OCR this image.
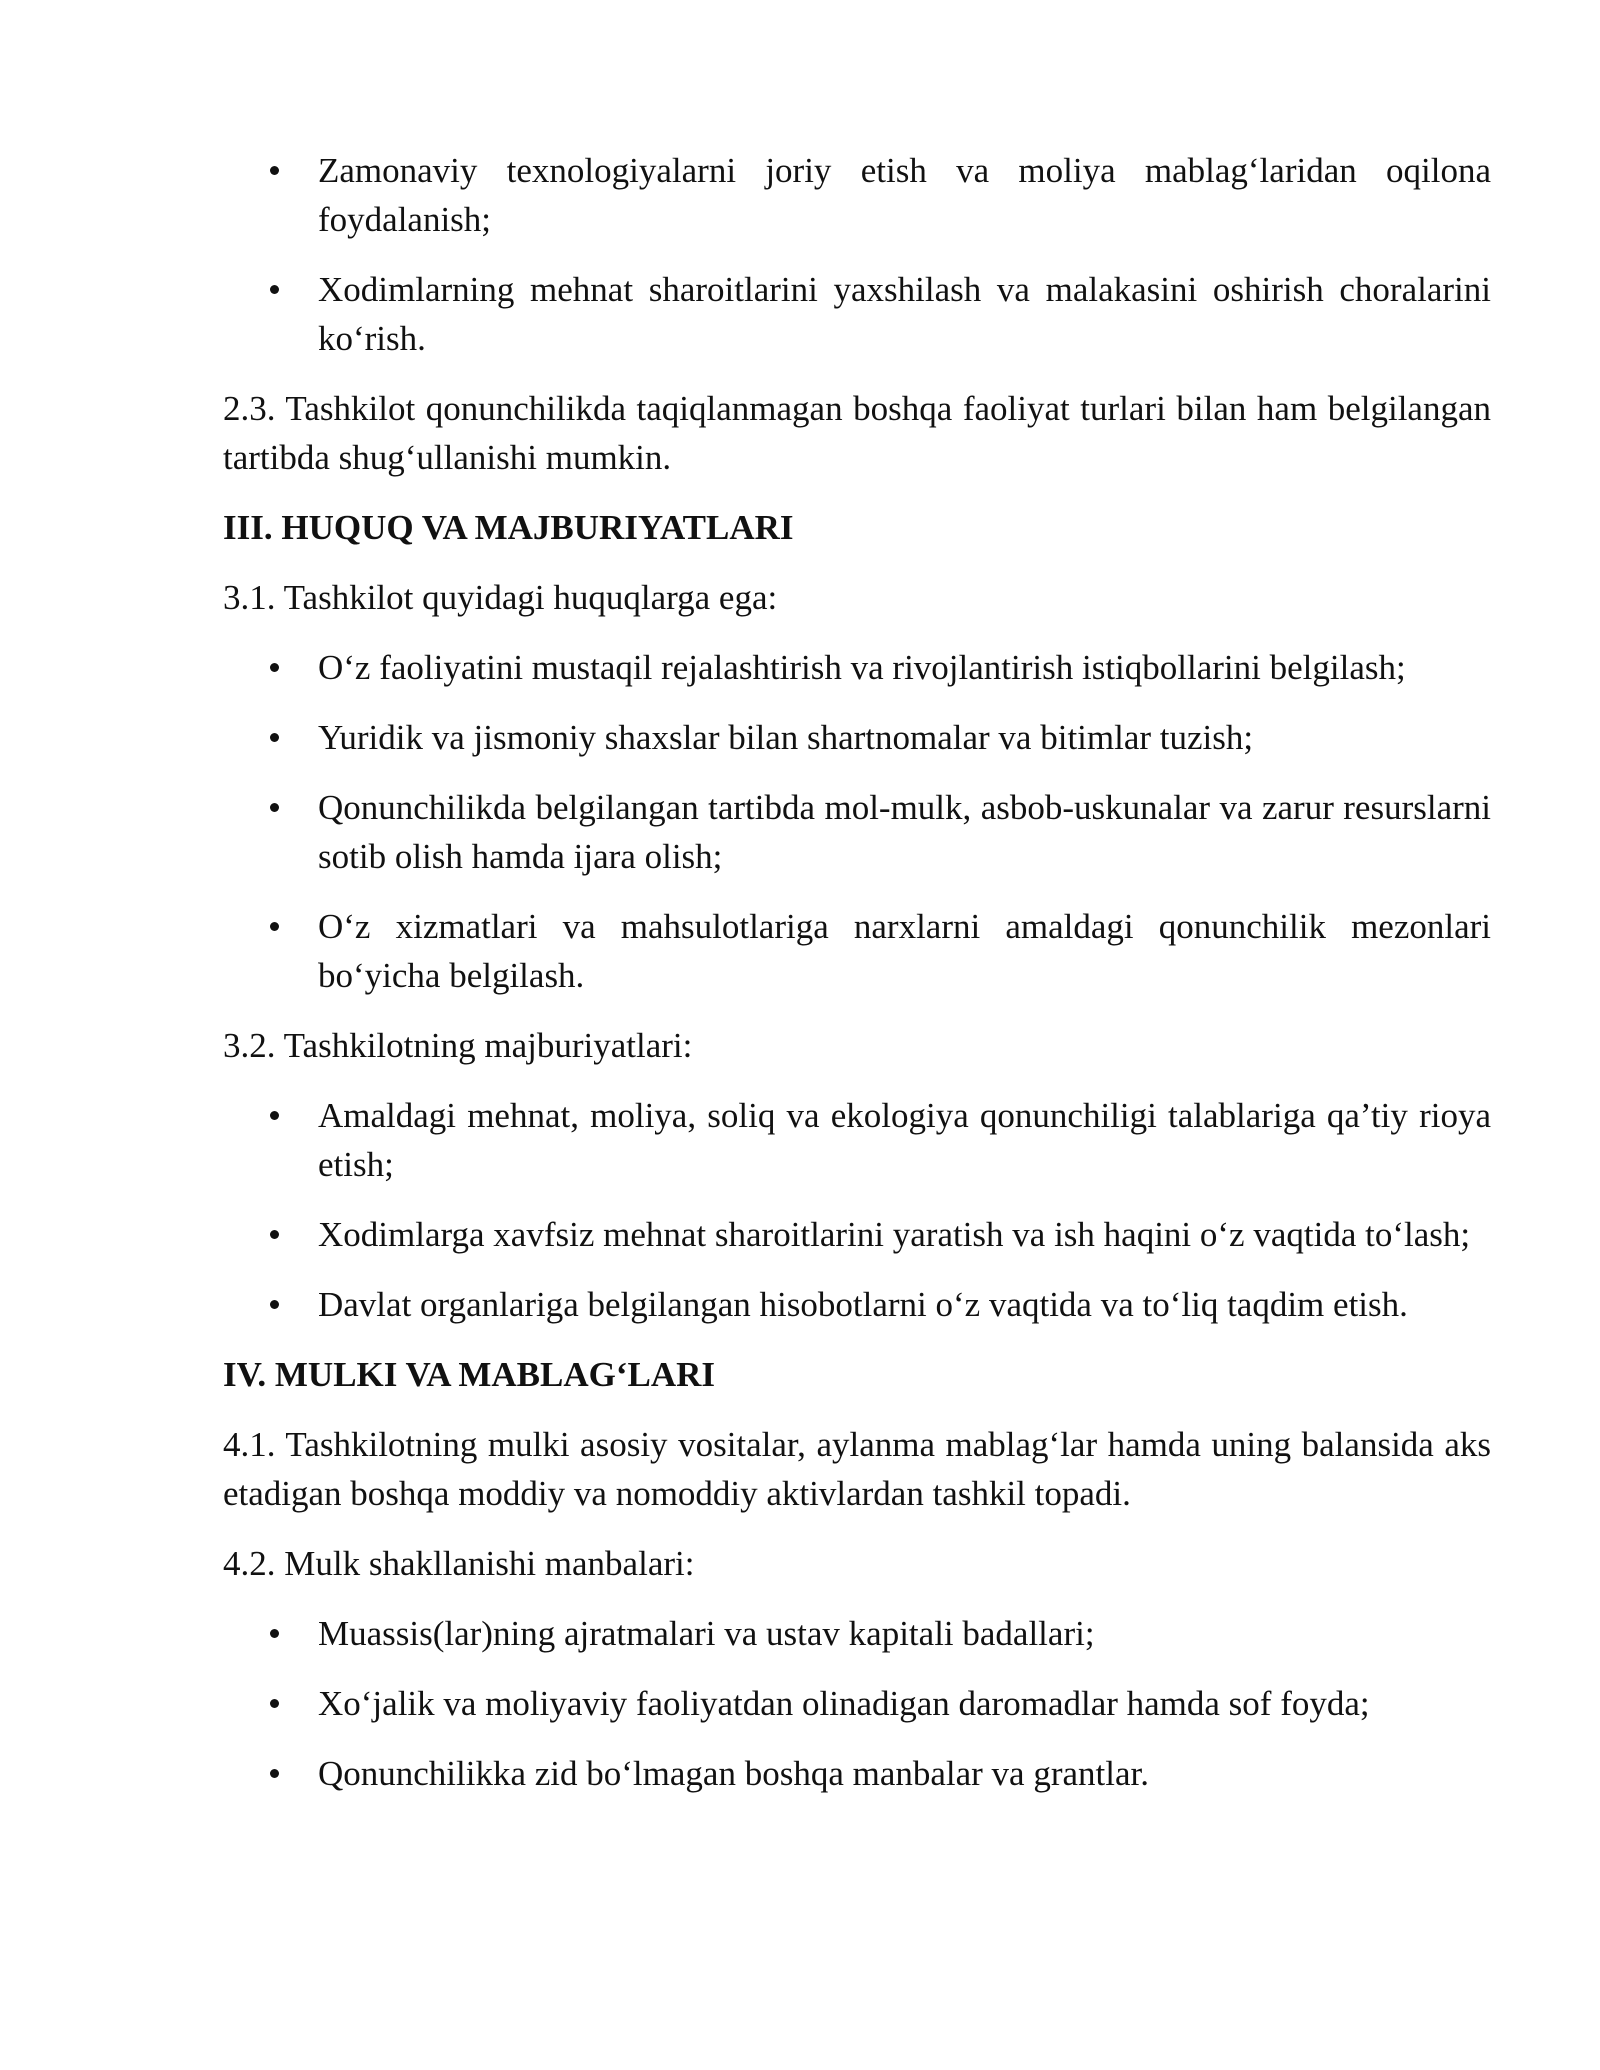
Zamonaviy texnologiyalarni joriy etish va moliya mablag‘laridan oqilona foydalanish;
Xodimlarning mehnat sharoitlarini yaxshilash va malakasini oshirish choralarini ko‘rish.
2.3. Tashkilot qonunchilikda taqiqlanmagan boshqa faoliyat turlari bilan ham belgilangan tartibda shug‘ullanishi mumkin.
III. HUQUQ VA MAJBURIYATLARI
3.1. Tashkilot quyidagi huquqlarga ega:
O‘z faoliyatini mustaqil rejalashtirish va rivojlantirish istiqbollarini belgilash;
Yuridik va jismoniy shaxslar bilan shartnomalar va bitimlar tuzish;
Qonunchilikda belgilangan tartibda mol-mulk, asbob-uskunalar va zarur resurslarni sotib olish hamda ijara olish;
O‘z xizmatlari va mahsulotlariga narxlarni amaldagi qonunchilik mezonlari bo‘yicha belgilash.
3.2. Tashkilotning majburiyatlari:
Amaldagi mehnat, moliya, soliq va ekologiya qonunchiligi talablariga qa’tiy rioya etish;
Xodimlarga xavfsiz mehnat sharoitlarini yaratish va ish haqini o‘z vaqtida to‘lash;
Davlat organlariga belgilangan hisobotlarni o‘z vaqtida va to‘liq taqdim etish.
IV. MULKI VA MABLAG‘LARI
4.1. Tashkilotning mulki asosiy vositalar, aylanma mablag‘lar hamda uning balansida aks etadigan boshqa moddiy va nomoddiy aktivlardan tashkil topadi.
4.2. Mulk shakllanishi manbalari:
Muassis(lar)ning ajratmalari va ustav kapitali badallari;
Xo‘jalik va moliyaviy faoliyatdan olinadigan daromadlar hamda sof foyda;
Qonunchilikka zid bo‘lmagan boshqa manbalar va grantlar.
